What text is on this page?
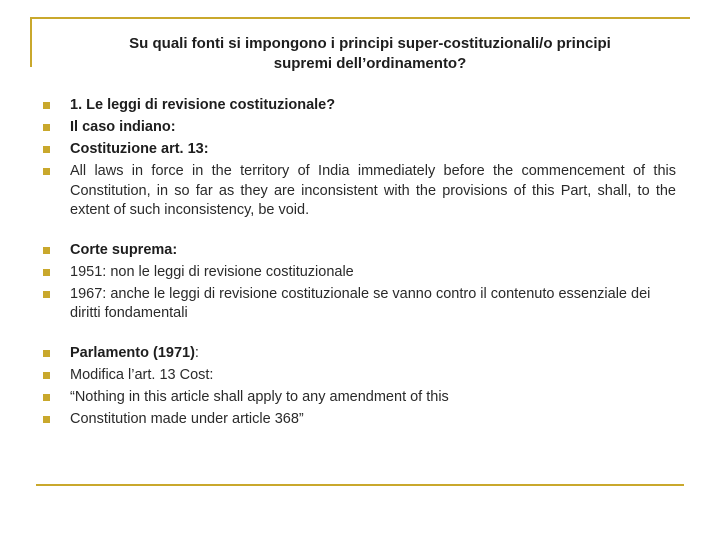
Su quali fonti si impongono i principi super-costituzionali/o principi
supremi dell’ordinamento?
1. Le leggi di revisione costituzionale?
Il caso indiano:
Costituzione art. 13:
All laws in force in the territory of India immediately before the commencement of this Constitution, in so far as they are inconsistent with the provisions of this Part, shall, to the extent of such inconsistency, be void.
Corte suprema:
1951: non le leggi di revisione costituzionale
1967: anche le leggi di revisione costituzionale se vanno contro il contenuto essenziale dei diritti fondamentali
Parlamento (1971):
Modifica l’art. 13 Cost:
“Nothing in this article shall apply to any amendment of this
Constitution made under article 368”
